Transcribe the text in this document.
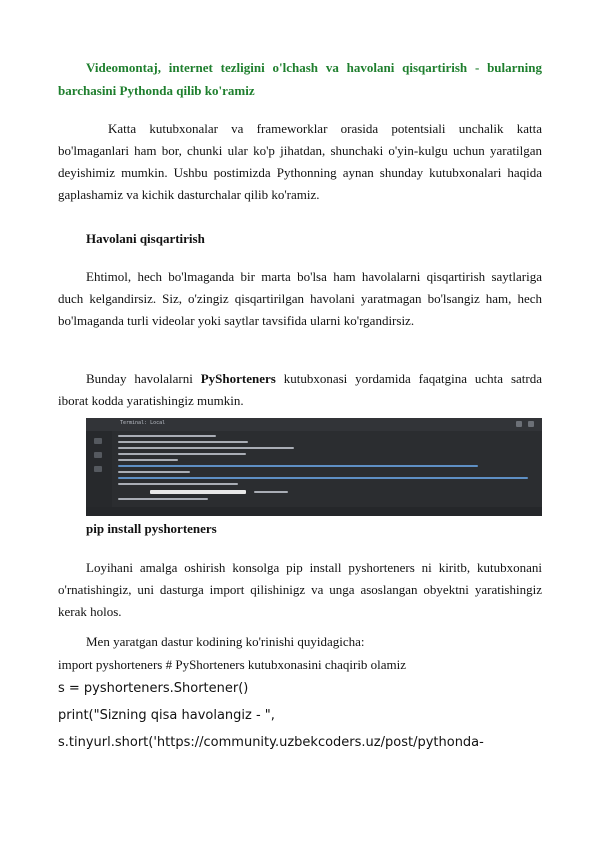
Videomontaj, internet tezligini o'lchash va havolani qisqartirish - bularning barchasini Pythonda qilib ko'ramiz
Katta kutubxonalar va frameworklar orasida potentsiali unchalik katta bo'lmaganlari ham bor, chunki ular ko'p jihatdan, shunchaki o'yin-kulgu uchun yaratilgan deyishimiz mumkin. Ushbu postimizda Pythonning aynan shunday kutubxonalari haqida gaplashamiz va kichik dasturchalar qilib ko'ramiz.
Havolani qisqartirish
Ehtimol, hech bo'lmaganda bir marta bo'lsa ham havolalarni qisqartirish saytlariga duch kelgandirsiz. Siz, o'zingiz qisqartirilgan havolani yaratmagan bo'lsangiz ham, hech bo'lmaganda turli videolar yoki saytlar tavsifida ularni ko'rgandirsiz.
Bunday havolalarni PyShorteners kutubxonasi yordamida faqatgina uchta satrda iborat kodda yaratishingiz mumkin.
Terminal: Local
pip install pyshorteners
Loyihani amalga oshirish konsolga pip install pyshorteners ni kiritb, kutubxonani o'rnatishingiz, uni dasturga import qilishinigz va unga asoslangan obyektni yaratishingiz kerak holos.
Men yaratgan dastur kodining ko'rinishi quyidagicha:
import pyshorteners # PyShorteners kutubxonasini chaqirib olamiz
s = pyshorteners.Shortener()
print("Sizning qisa havolangiz - ",
s.tinyurl.short('https://community.uzbekcoders.uz/post/pythonda-
